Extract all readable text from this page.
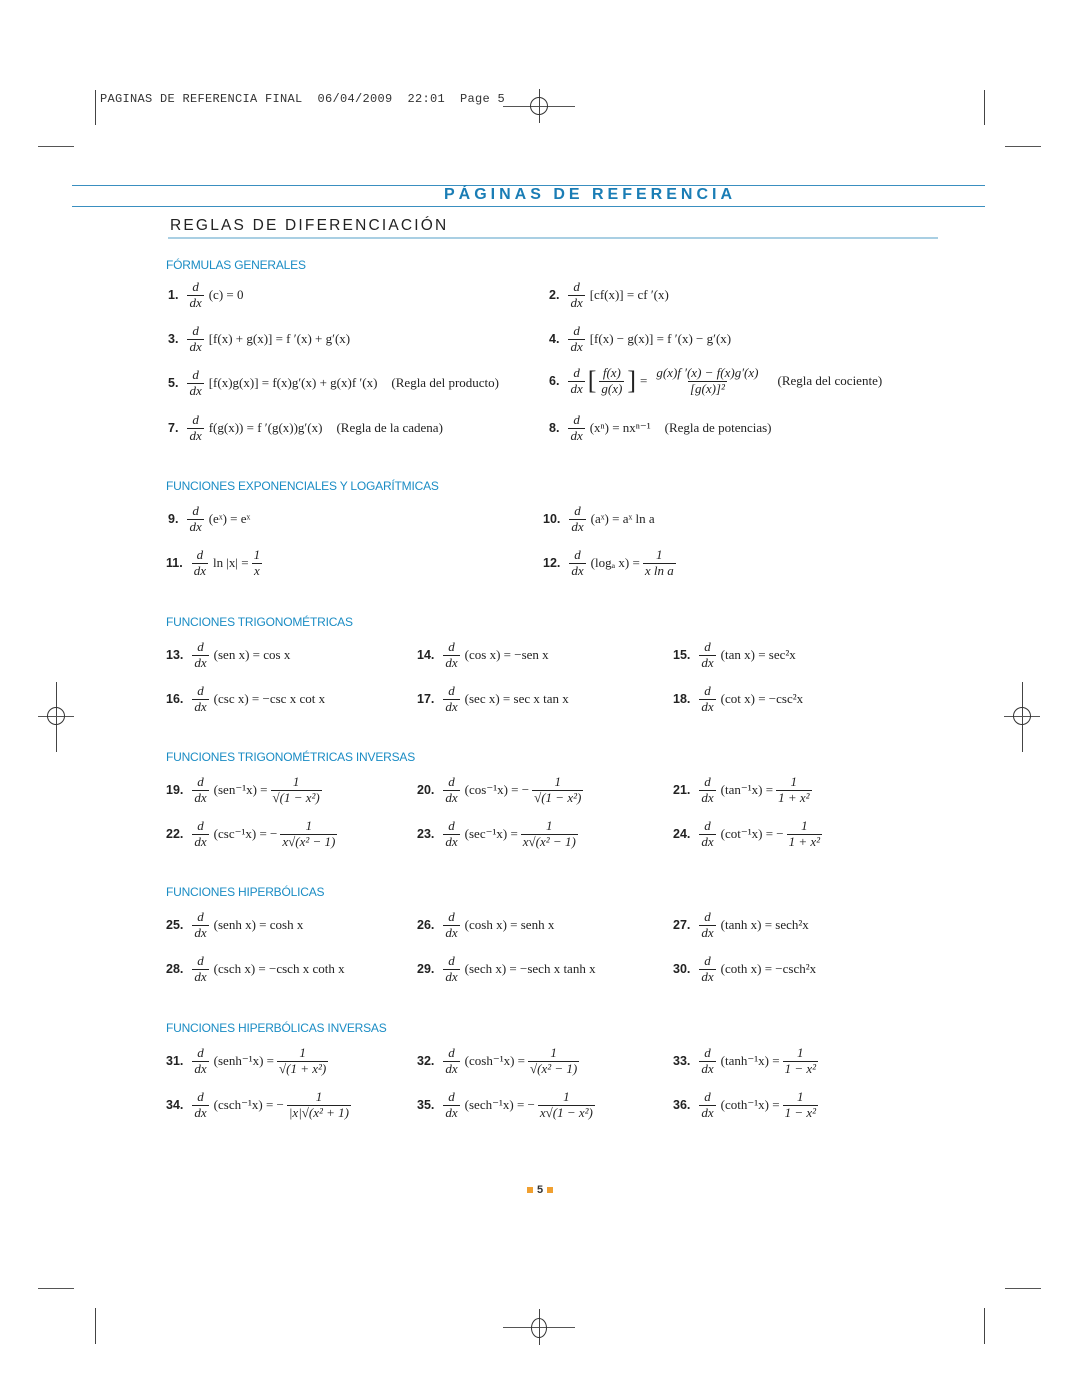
PAGINAS DE REFERENCIA FINAL  06/04/2009  22:01  Page 5
PÁGINAS DE REFERENCIA
REGLAS DE DIFERENCIACIÓN
FÓRMULAS GENERALES
FUNCIONES EXPONENCIALES Y LOGARÍTMICAS
FUNCIONES TRIGONOMÉTRICAS
FUNCIONES TRIGONOMÉTRICAS INVERSAS
FUNCIONES HIPERBÓLICAS
FUNCIONES HIPERBÓLICAS INVERSAS
1. $\frac{d}{dx} (c) = 0$	2. $\frac{d}{dx} [cf(x)]$ = cf ′(x)
3. $\frac{d}{dx} [f(x) + g(x)] = f$ ′(x) + g′(x)	4. $\frac{d}{dx} [f(x) - g(x)] = f$ ′(x) − g′(x)
5. $\frac{d}{dx} [f(x)g(x)] = f(x)g'(x) + g(x)f$ ′(x) (Regla del producto)	6. $\frac{d}{dx}$ [ $\frac{f(x)}{g(x)}$ ] = $\frac{g(x)f '(x) - f(x)g'(x)}{\text{[g(x)]²}}$ (Regla del cociente)
7. $\frac{d}{dx} f(g(x)) = f$ ′(g(x))g′(x) (Regla de la cadena)	8. $\frac{d}{dx} (x^n) = nx^{n-1}$ (Regla de potencias)
9. $\frac{d}{dx}$ (eˣ) = eˣ	10. $\frac{d}{dx}$ (aˣ) = aˣ ln a
11. $\frac{d}{dx}$ $\ln |x| = \frac{1}{x}$	12. $\frac{d}{dx} (\log_a$ $x) = \frac{1}{\text{x ln a}}$
13. $\frac{d}{dx} (sen$ x) = cos x	14. $\frac{d}{dx} (\cos$ x) = −sen x	15. $\frac{d}{dx} (\tan$ x) = sec²x
16. $\frac{d}{dx} (\csc$ x) = −csc x cot x	17. $\frac{d}{dx} (\sec$ x) = sec x tan x	18. $\frac{d}{dx} (\cot$ x) = −csc²x
19. $\frac{d}{dx} (sen^{-1}x) = \frac{1}{\text{√(1 − x²)}}$	20. $\frac{d}{dx} (\cos^{-1}x)$ = − $\frac{1}{\text{√(1 − x²)}}$	21. $\frac{d}{dx} (\tan^{-1}x) = \frac{1}{\text{1 + x²}}$
22. $\frac{d}{dx} (\csc^{-1}x)$ = − $\frac{1}{\text{x√(x² − 1)}}$	23. $\frac{d}{dx} (\sec^{-1}x) = \frac{1}{\text{x√(x² − 1)}}$	24. $\frac{d}{dx} (\cot^{-1}x)$ = − $\frac{1}{\text{1 + x²}}$
25. $\frac{d}{dx}$ (senh x) = cosh x	26. $\frac{d}{dx} (\cosh$ x) = senh x	27. $\frac{d}{dx} (\tanh$ x) = sech²x
28. $\frac{d}{dx} (\csc h$ x) = −csch x coth x	29. $\frac{d}{dx} (\sec h$ x) = −sech x tanh x	30. $\frac{d}{dx} (\cot h$ x) = −csch²x
31. $\frac{d}{dx}$ (senh⁻¹x) = $\frac{1}{\text{√(1 + x²)}}$	32. $\frac{d}{dx} (\cosh^{-1}x) = \frac{1}{\text{√(x² − 1)}}$	33. $\frac{d}{dx} (\tanh^{-1}x) = \frac{1}{\text{1 − x²}}$
34. $\frac{d}{dx} (\csc h^{-1}x)$ = − $\frac{1}{\text{|x|√(x² + 1)}}$	35. $\frac{d}{dx} (\sec h^{-1}x)$ = − $\frac{1}{\text{x√(1 − x²)}}$	36. $\frac{d}{dx} (\cot h^{-1}x) = \frac{1}{\text{1 − x²}}$
5
